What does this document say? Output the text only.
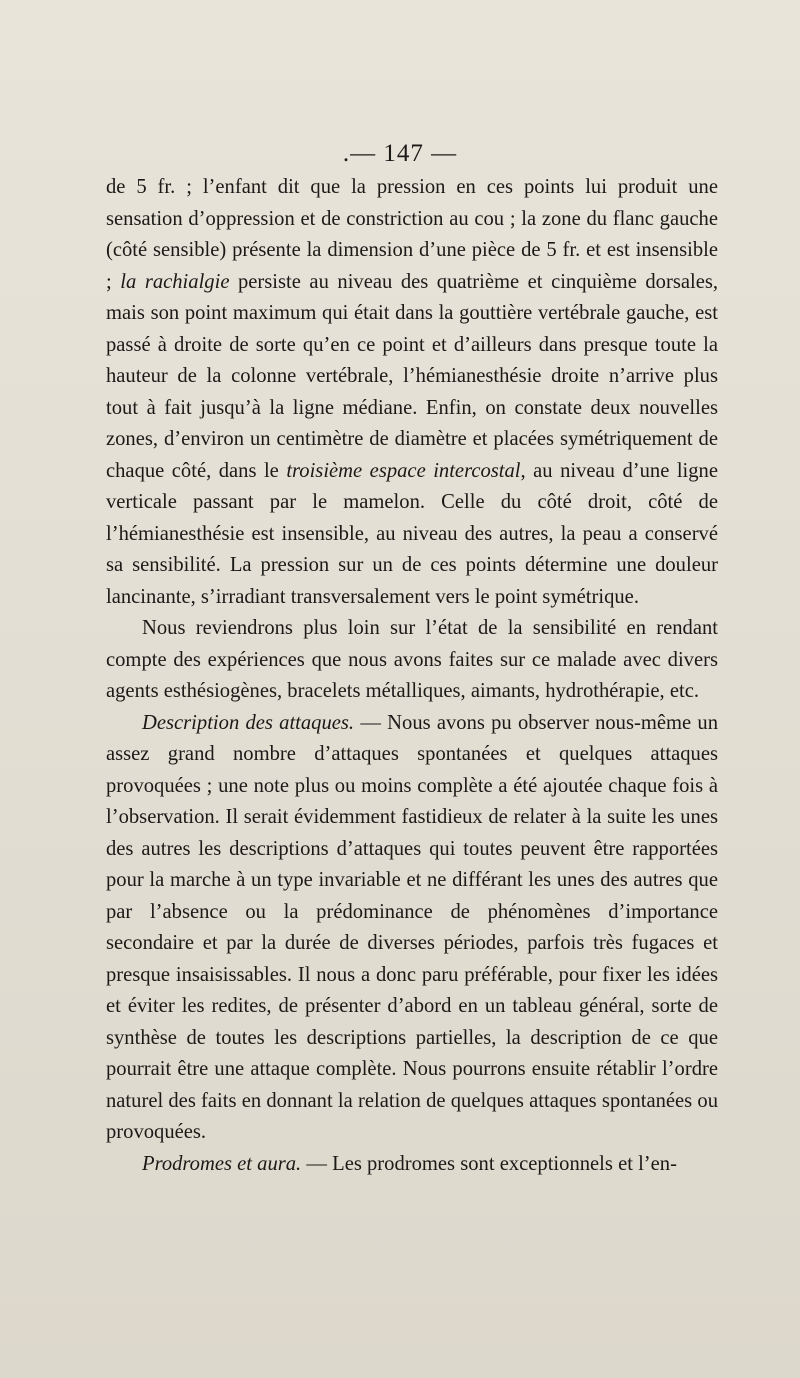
.— 147 —

de 5 fr. ; l’enfant dit que la pression en ces points lui produit une sensation d’oppression et de constriction au cou ; la zone du flanc gauche (côté sensible) présente la dimension d’une pièce de 5 fr. et est insensible ; la rachialgie persiste au niveau des quatrième et cinquième dorsales, mais son point maximum qui était dans la gouttière vertébrale gauche, est passé à droite de sorte qu’en ce point et d’ailleurs dans presque toute la hauteur de la colonne vertébrale, l’hémianesthésie droite n’arrive plus tout à fait jusqu’à la ligne médiane. Enfin, on constate deux nouvelles zones, d’environ un centimètre de diamètre et placées symétriquement de chaque côté, dans le troisième espace intercostal, au niveau d’une ligne verticale passant par le mamelon. Celle du côté droit, côté de l’hémianesthésie est insensible, au niveau des autres, la peau a conservé sa sensibilité. La pression sur un de ces points détermine une douleur lancinante, s’irradiant transversalement vers le point symétrique.

Nous reviendrons plus loin sur l’état de la sensibilité en rendant compte des expériences que nous avons faites sur ce malade avec divers agents esthésiogènes, bracelets métalliques, aimants, hydrothérapie, etc.

Description des attaques. — Nous avons pu observer nous-même un assez grand nombre d’attaques spontanées et quelques attaques provoquées ; une note plus ou moins complète a été ajoutée chaque fois à l’observation. Il serait évidemment fastidieux de relater à la suite les unes des autres les descriptions d’attaques qui toutes peuvent être rapportées pour la marche à un type invariable et ne différant les unes des autres que par l’absence ou la prédominance de phénomènes d’importance secondaire et par la durée de diverses périodes, parfois très fugaces et presque insaisissables. Il nous a donc paru préférable, pour fixer les idées et éviter les redites, de présenter d’abord en un tableau général, sorte de synthèse de toutes les descriptions partielles, la description de ce que pourrait être une attaque complète. Nous pourrons ensuite rétablir l’ordre naturel des faits en donnant la relation de quelques attaques spontanées ou provoquées.

Prodromes et aura. — Les prodromes sont exceptionnels et l’en-
